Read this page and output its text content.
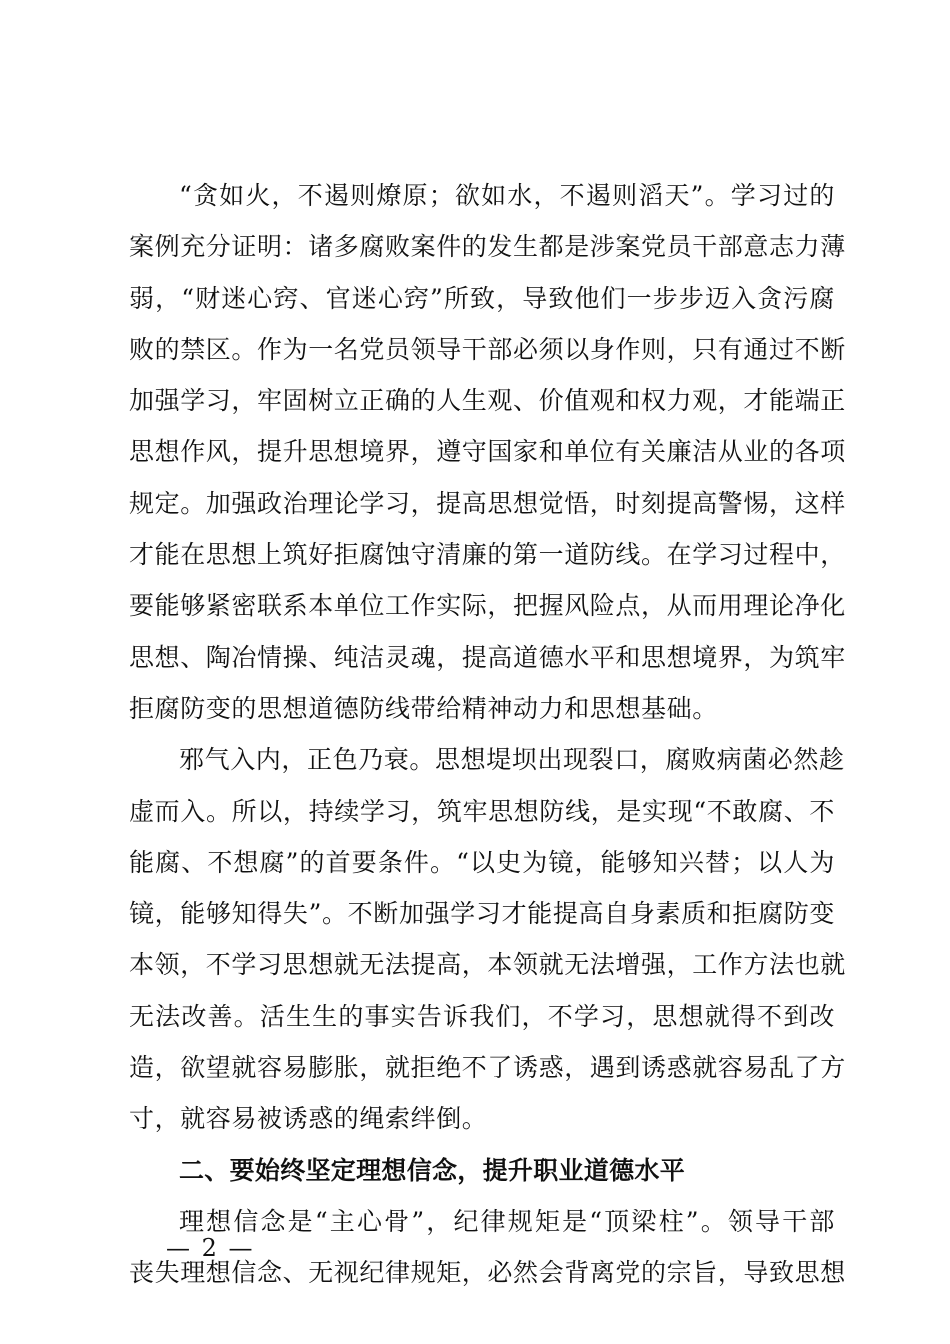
“贪如火，不遏则燎原；欲如水，不遏则滔天”。学习过的
案例充分证明：诸多腐败案件的发生都是涉案党员干部意志力薄
弱，“财迷心窍、官迷心窍”所致，导致他们一步步迈入贪污腐
败的禁区。作为一名党员领导干部必须以身作则，只有通过不断
加强学习，牢固树立正确的人生观、价值观和权力观，才能端正
思想作风，提升思想境界，遵守国家和单位有关廉洁从业的各项
规定。加强政治理论学习，提高思想觉悟，时刻提高警惕，这样
才能在思想上筑好拒腐蚀守清廉的第一道防线。在学习过程中，
要能够紧密联系本单位工作实际，把握风险点，从而用理论净化
思想、陶冶情操、纯洁灵魂，提高道德水平和思想境界，为筑牢
拒腐防变的思想道德防线带给精神动力和思想基础。
邪气入内，正色乃衰。思想堤坝出现裂口，腐败病菌必然趁
虚而入。所以，持续学习，筑牢思想防线，是实现“不敢腐、不
能腐、不想腐”的首要条件。“以史为镜，能够知兴替；以人为
镜，能够知得失”。不断加强学习才能提高自身素质和拒腐防变
本领，不学习思想就无法提高，本领就无法增强，工作方法也就
无法改善。活生生的事实告诉我们，不学习，思想就得不到改
造，欲望就容易膨胀，就拒绝不了诱惑，遇到诱惑就容易乱了方
寸，就容易被诱惑的绳索绊倒。
二、要始终坚定理想信念，提升职业道德水平
理想信念是“主心骨”，纪律规矩是“顶梁柱”。领导干部
丧失理想信念、无视纪律规矩，必然会背离党的宗旨，导致思想
— 2 —
